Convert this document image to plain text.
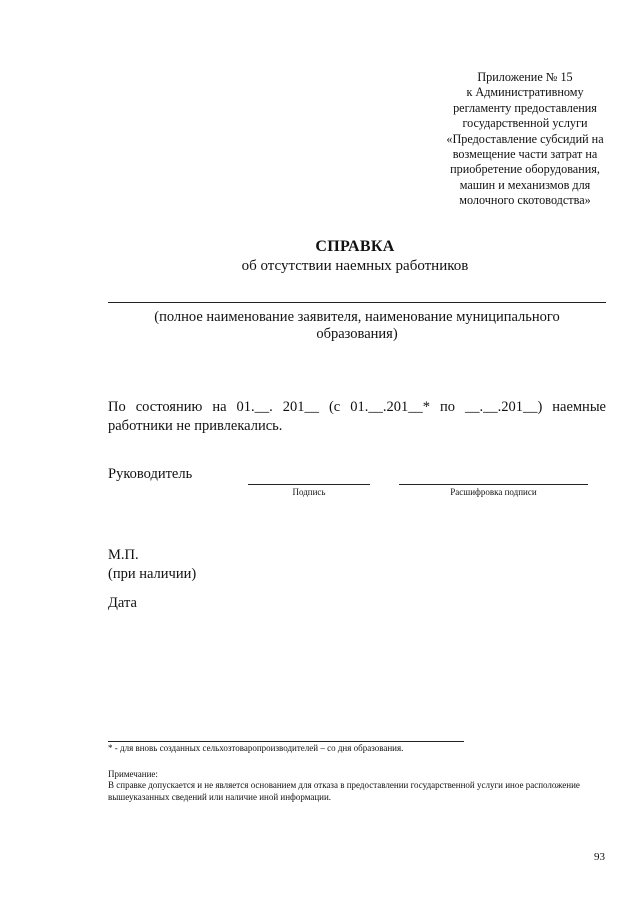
Приложение № 15
к Административному
регламенту предоставления
государственной услуги
«Предоставление субсидий на
возмещение части затрат на
приобретение оборудования,
машин и механизмов для
молочного скотоводства»
СПРАВКА
об отсутствии наемных работников
(полное наименование заявителя, наименование муниципального
образования)
По состоянию на 01.__. 201__ (с 01.__.201__* по __.__.201__) наемные
работники не привлекались.
Руководитель
Подпись	Расшифровка подписи
М.П.
(при наличии)
Дата
* - для вновь созданных сельхозтоваропроизводителей – со дня образования.
Примечание:
В справке допускается и не является основанием для отказа в предоставлении государственной услуги иное расположение вышеуказанных сведений или наличие иной информации.
93
